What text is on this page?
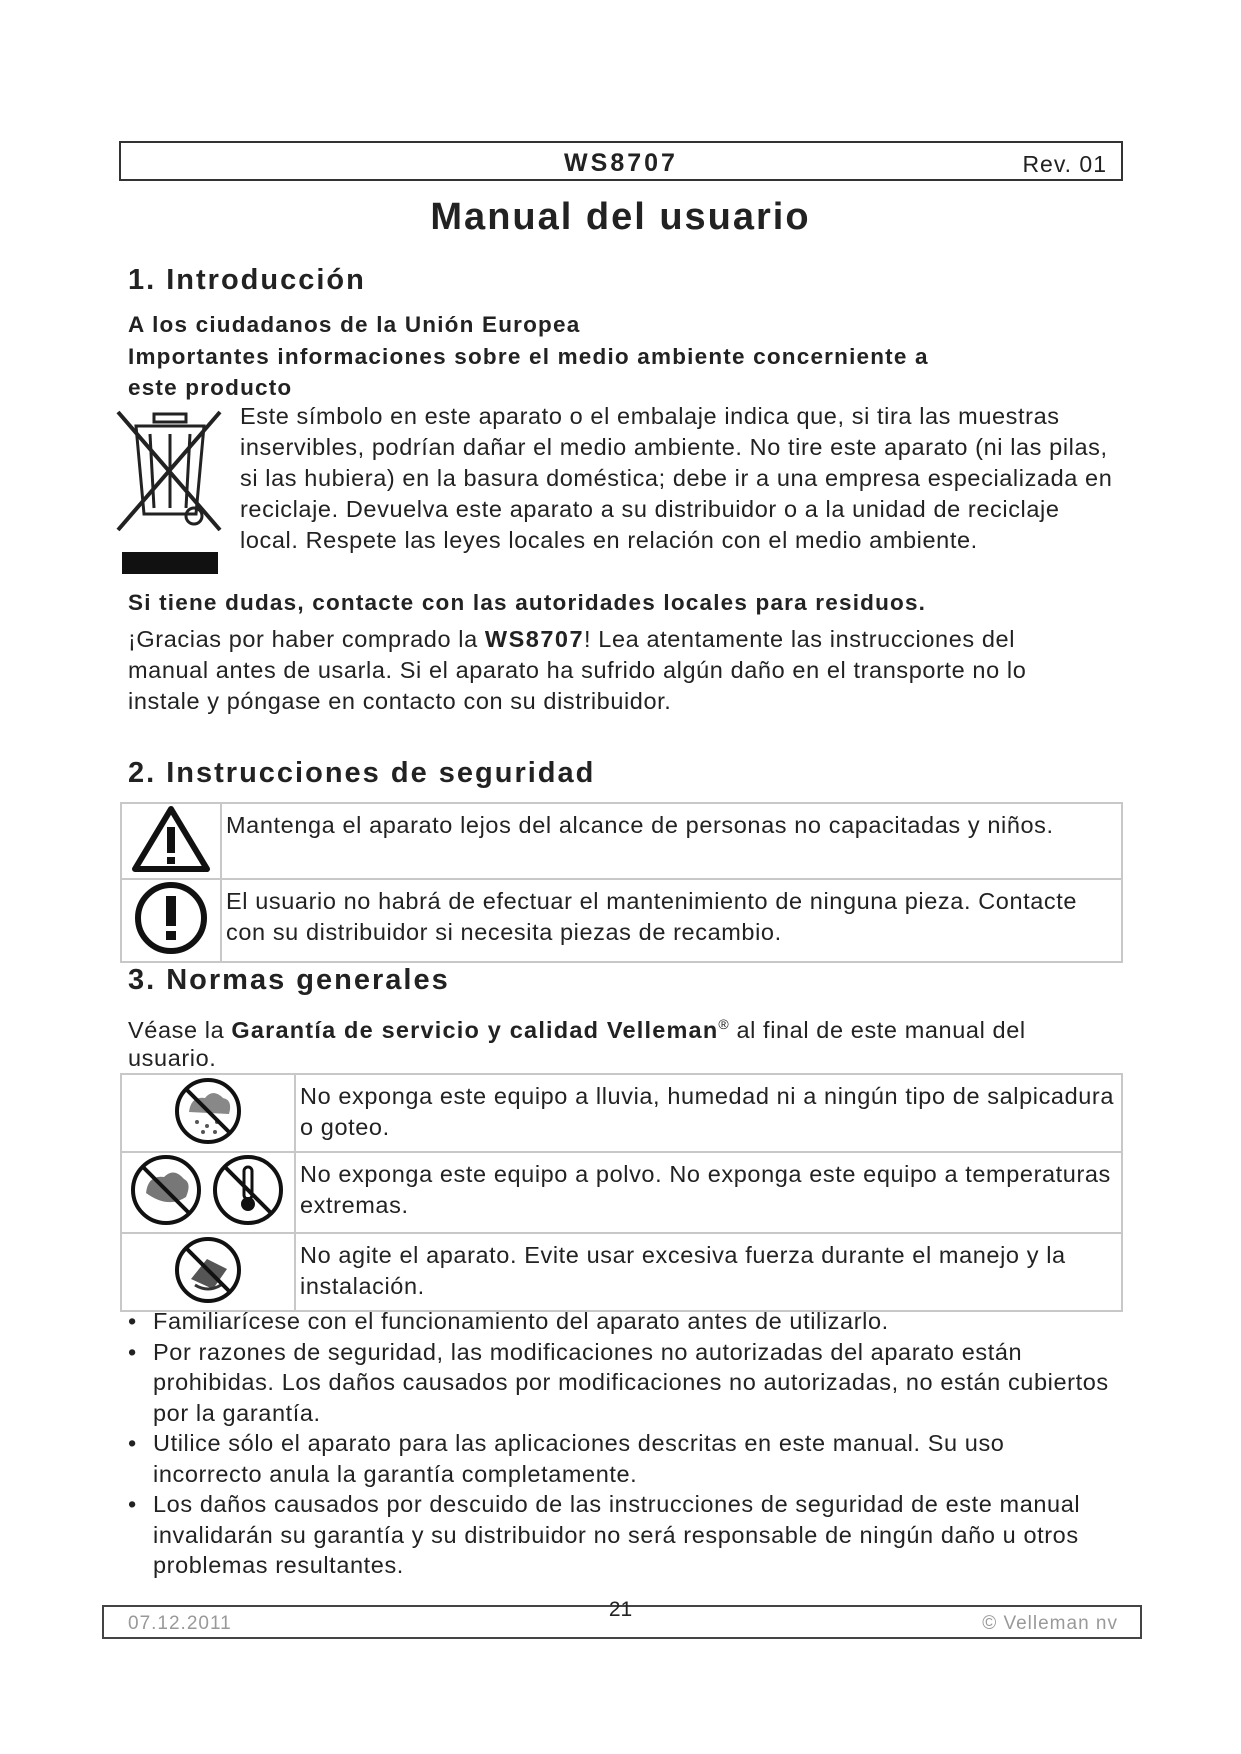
WS8707	Rev. 01
Manual del usuario
1. Introducción
A los ciudadanos de la Unión Europea
Importantes informaciones sobre el medio ambiente concerniente a
este producto
Este símbolo en este aparato o el embalaje indica que, si tira las muestras inservibles, podrían dañar el medio ambiente. No tire este aparato (ni las pilas, si las hubiera) en la basura doméstica; debe ir a una empresa especializada en reciclaje. Devuelva este aparato a su distribuidor o a la unidad de reciclaje local. Respete las leyes locales en relación con el medio ambiente.
Si tiene dudas, contacte con las autoridades locales para residuos.
¡Gracias por haber comprado la WS8707! Lea atentamente las instrucciones del manual antes de usarla. Si el aparato ha sufrido algún daño en el transporte no lo instale y póngase en contacto con su distribuidor.
2. Instrucciones de seguridad

Mantenga el aparato lejos del alcance de personas no capacitadas y niños.

El usuario no habrá de efectuar el mantenimiento de ninguna pieza. Contacte con su distribuidor si necesita piezas de recambio.
3. Normas generales
Véase la Garantía de servicio y calidad Velleman® al final de este manual del usuario.

No exponga este equipo a lluvia, humedad ni a ningún tipo de salpicadura o goteo.

No exponga este equipo a polvo. No exponga este equipo a temperaturas extremas.

No agite el aparato. Evite usar excesiva fuerza durante el manejo y la instalación.
• Familiarícese con el funcionamiento del aparato antes de utilizarlo.
• Por razones de seguridad, las modificaciones no autorizadas del aparato están prohibidas. Los daños causados por modificaciones no autorizadas, no están cubiertos por la garantía.
• Utilice sólo el aparato para las aplicaciones descritas en este manual. Su uso incorrecto anula la garantía completamente.
• Los daños causados por descuido de las instrucciones de seguridad de este manual invalidarán su garantía y su distribuidor no será responsable de ningún daño u otros problemas resultantes.
07.12.2011	© Velleman nv
21
